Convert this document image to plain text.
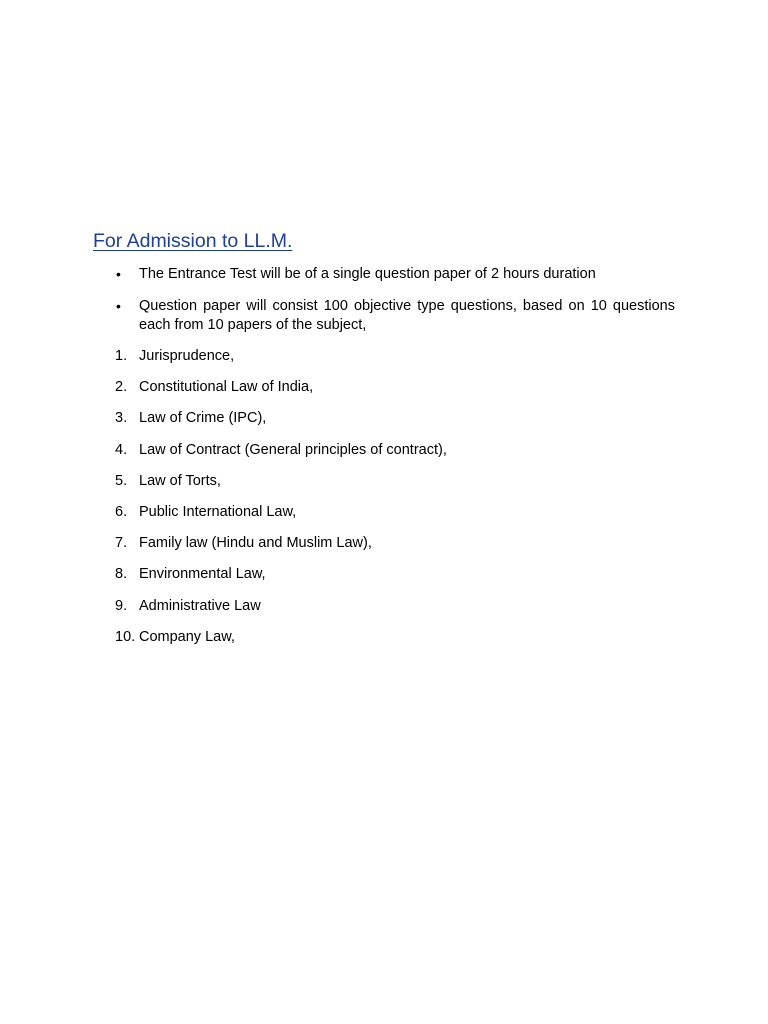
For Admission to LL.M.
• The Entrance Test will be of a single question paper of 2 hours duration
• Question paper will consist 100 objective type questions, based on 10 questions each from 10 papers of the subject,
1. Jurisprudence,
2. Constitutional Law of India,
3. Law of Crime (IPC),
4. Law of Contract (General principles of contract),
5. Law of Torts,
6. Public International Law,
7. Family law (Hindu and Muslim Law),
8. Environmental Law,
9. Administrative Law
10. Company Law,
